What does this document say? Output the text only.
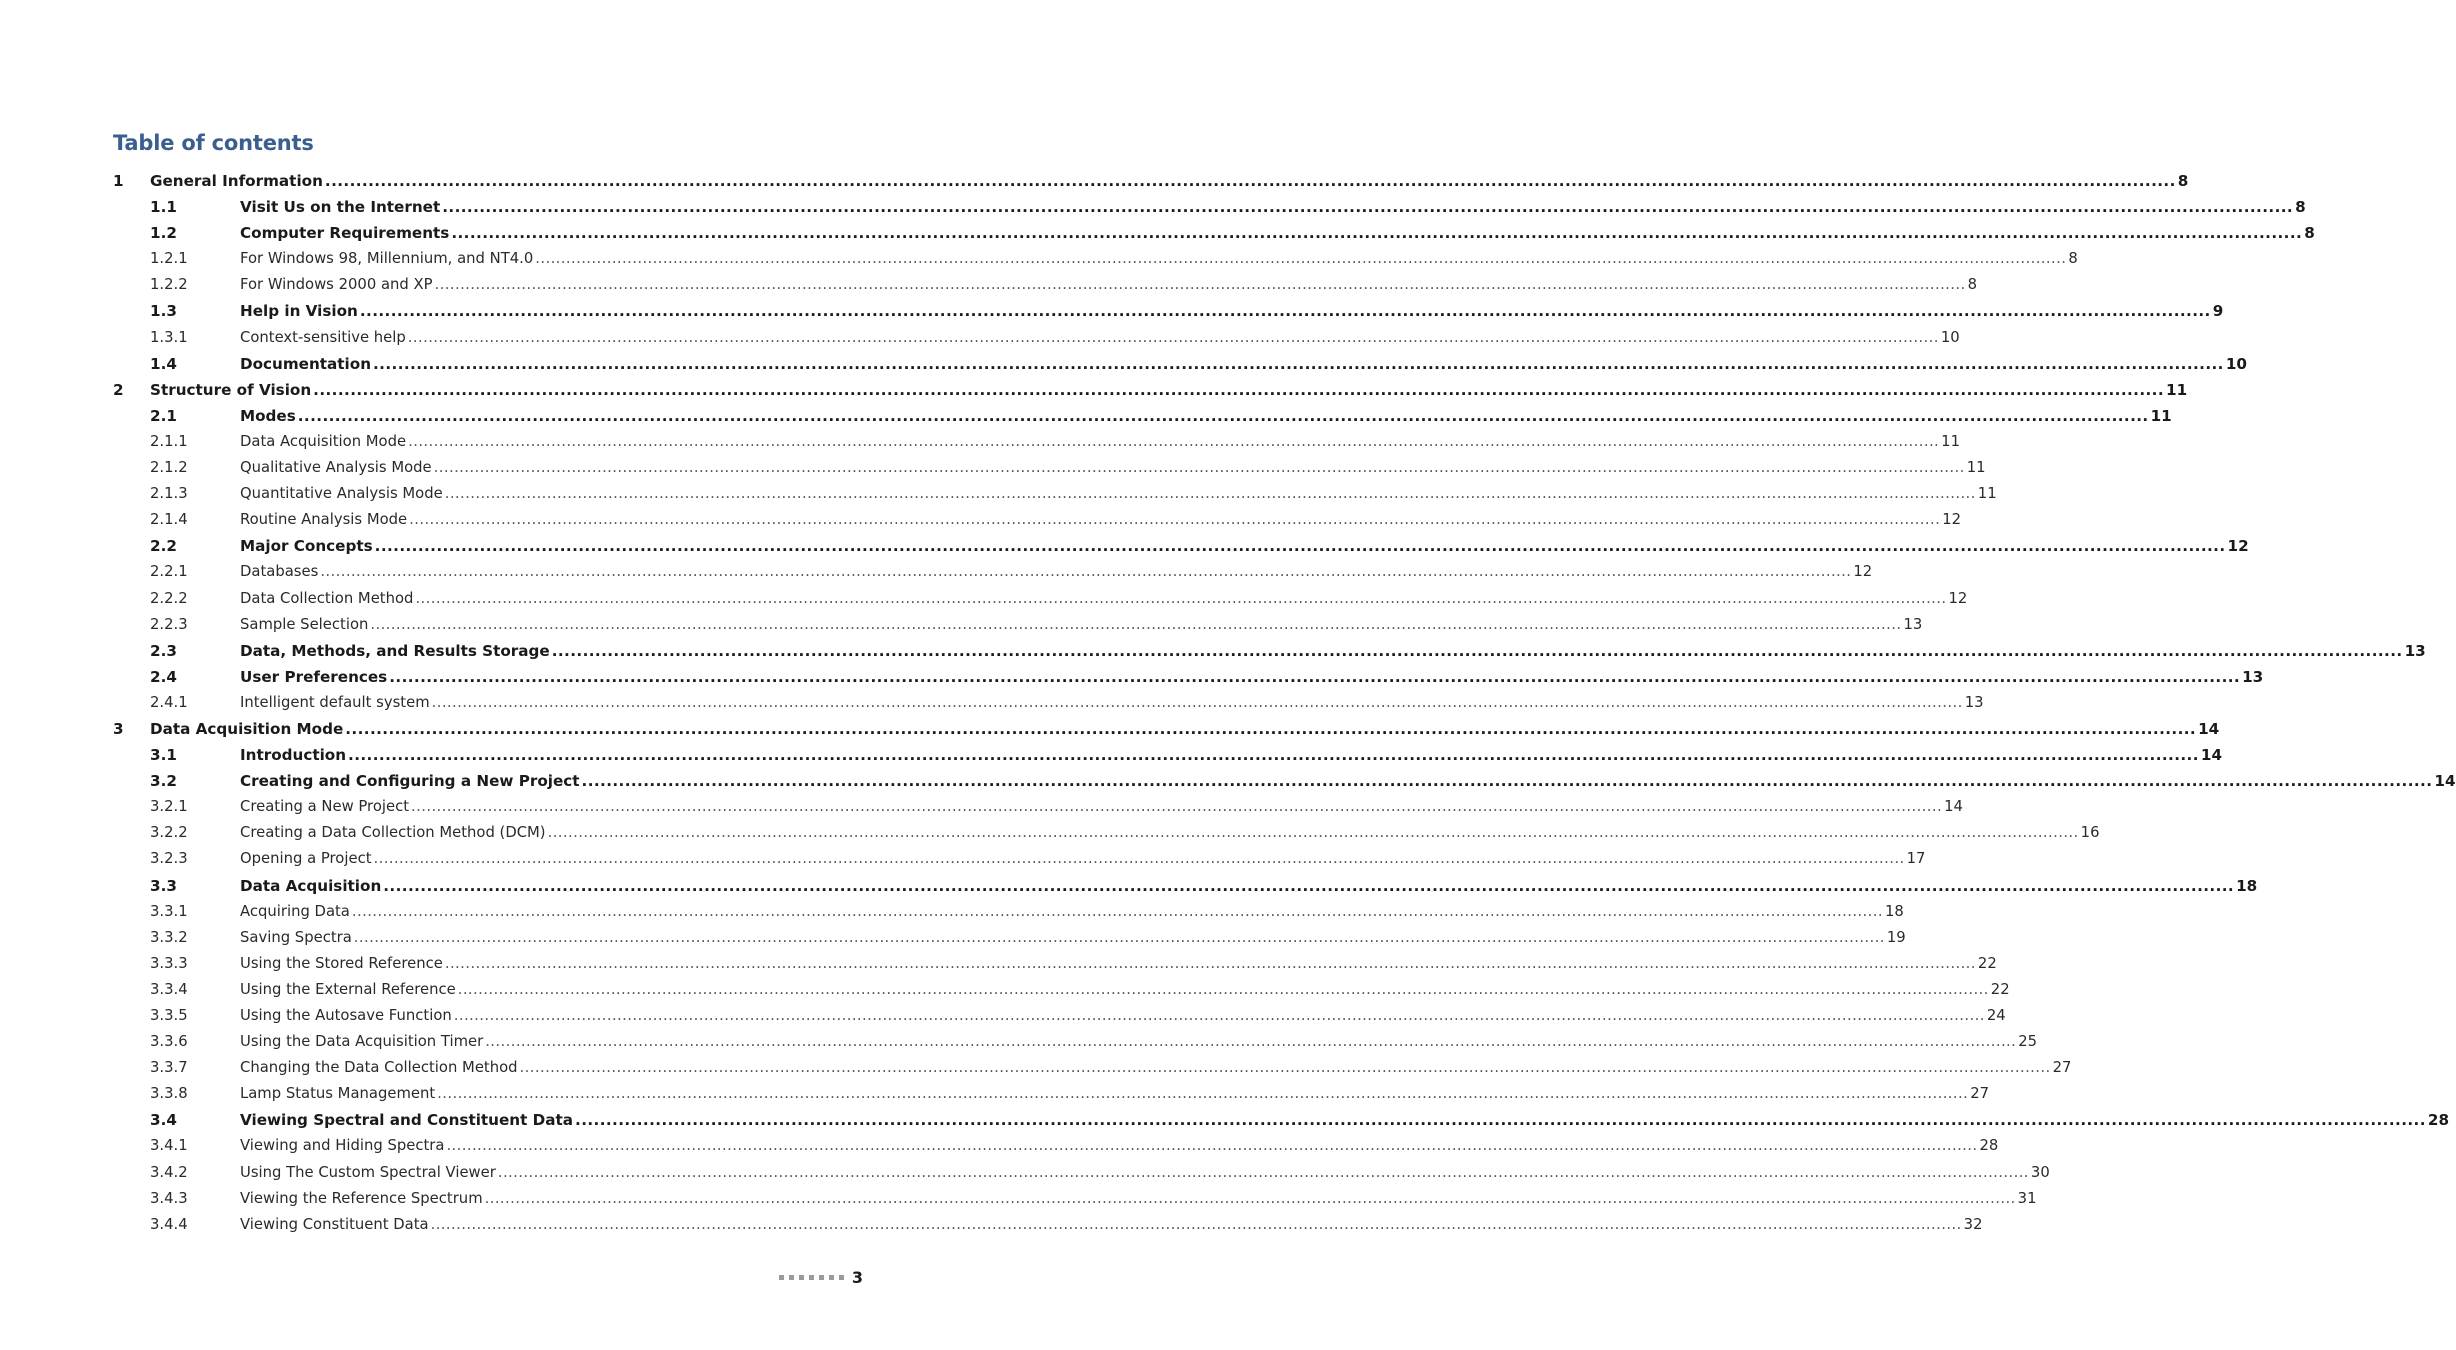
Table of contents
1 General Information ............................................................................................................................................................................................................................................................................................................ 8
1.1	Visit Us on the Internet ............................................................................................................................................................................................................................................................................................................ 8
1.2	Computer Requirements ............................................................................................................................................................................................................................................................................................................ 8
1.2.1	For Windows 98, Millennium, and NT4.0 ............................................................................................................................................................................................................................................................................................................ 8
1.2.2	For Windows 2000 and XP ............................................................................................................................................................................................................................................................................................................ 8
1.3	Help in Vision ............................................................................................................................................................................................................................................................................................................ 9
1.3.1	Context-sensitive help ............................................................................................................................................................................................................................................................................................................ 10
1.4	Documentation ............................................................................................................................................................................................................................................................................................................ 10
2 Structure of Vision ............................................................................................................................................................................................................................................................................................................ 11
2.1	Modes ............................................................................................................................................................................................................................................................................................................ 11
2.1.1	Data Acquisition Mode ............................................................................................................................................................................................................................................................................................................ 11
2.1.2	Qualitative Analysis Mode ............................................................................................................................................................................................................................................................................................................ 11
2.1.3	Quantitative Analysis Mode ............................................................................................................................................................................................................................................................................................................ 11
2.1.4	Routine Analysis Mode ............................................................................................................................................................................................................................................................................................................ 12
2.2	Major Concepts ............................................................................................................................................................................................................................................................................................................ 12
2.2.1	Databases ............................................................................................................................................................................................................................................................................................................ 12
2.2.2	Data Collection Method ............................................................................................................................................................................................................................................................................................................ 12
2.2.3	Sample Selection ............................................................................................................................................................................................................................................................................................................ 13
2.3	Data, Methods, and Results Storage ............................................................................................................................................................................................................................................................................................................ 13
2.4	User Preferences ............................................................................................................................................................................................................................................................................................................ 13
2.4.1	Intelligent default system ............................................................................................................................................................................................................................................................................................................ 13
3 Data Acquisition Mode ............................................................................................................................................................................................................................................................................................................ 14
3.1	Introduction ............................................................................................................................................................................................................................................................................................................ 14
3.2	Creating and Configuring a New Project ............................................................................................................................................................................................................................................................................................................ 14
3.2.1	Creating a New Project ............................................................................................................................................................................................................................................................................................................ 14
3.2.2	Creating a Data Collection Method (DCM) ............................................................................................................................................................................................................................................................................................................ 16
3.2.3	Opening a Project ............................................................................................................................................................................................................................................................................................................ 17
3.3	Data Acquisition ............................................................................................................................................................................................................................................................................................................ 18
3.3.1	Acquiring Data ............................................................................................................................................................................................................................................................................................................ 18
3.3.2	Saving Spectra ............................................................................................................................................................................................................................................................................................................ 19
3.3.3	Using the Stored Reference ............................................................................................................................................................................................................................................................................................................ 22
3.3.4	Using the External Reference ............................................................................................................................................................................................................................................................................................................ 22
3.3.5	Using the Autosave Function ............................................................................................................................................................................................................................................................................................................ 24
3.3.6	Using the Data Acquisition Timer ............................................................................................................................................................................................................................................................................................................ 25
3.3.7	Changing the Data Collection Method ............................................................................................................................................................................................................................................................................................................ 27
3.3.8	Lamp Status Management ............................................................................................................................................................................................................................................................................................................ 27
3.4	Viewing Spectral and Constituent Data ............................................................................................................................................................................................................................................................................................................ 28
3.4.1	Viewing and Hiding Spectra ............................................................................................................................................................................................................................................................................................................ 28
3.4.2	Using The Custom Spectral Viewer ............................................................................................................................................................................................................................................................................................................ 30
3.4.3	Viewing the Reference Spectrum ............................................................................................................................................................................................................................................................................................................ 31
3.4.4	Viewing Constituent Data ............................................................................................................................................................................................................................................................................................................ 32
3
